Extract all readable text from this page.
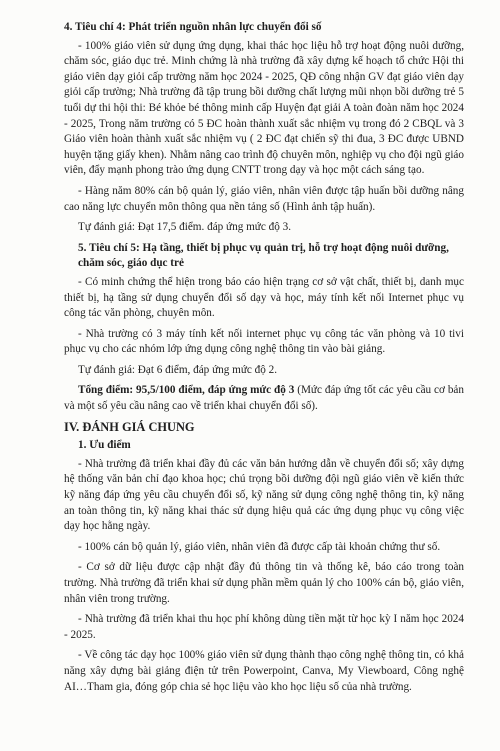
4. Tiêu chí 4: Phát triển nguồn nhân lực chuyển đổi số
- 100% giáo viên sử dụng ứng dụng, khai thác học liệu hỗ trợ hoạt động nuôi dưỡng, chăm sóc, giáo dục trẻ. Minh chứng là nhà trường đã xây dựng kế hoạch tổ chức Hội thi giáo viên dạy giỏi cấp trường năm học 2024 - 2025, QĐ công nhận GV đạt giáo viên dạy giỏi cấp trường; Nhà trường đã tập trung bồi dưỡng chất lượng mũi nhọn bồi dưỡng trẻ 5 tuổi dự thi hội thi: Bé khỏe bé thông minh cấp Huyện đạt giải A toàn đoàn năm học 2024 - 2025, Trong năm trường có 5 ĐC hoàn thành xuất sắc nhiệm vụ trong đó 2 CBQL và 3 Giáo viên hoàn thành xuất sắc nhiệm vụ ( 2 ĐC đạt chiến sỹ thi đua, 3 ĐC được UBND huyện tặng giấy khen). Nhằm nâng cao trình độ chuyên môn, nghiệp vụ cho đội ngũ giáo viên, đẩy mạnh phong trào ứng dụng CNTT trong dạy và học một cách sáng tạo.
- Hàng năm 80% cán bộ quản lý, giáo viên, nhân viên được tập huấn bồi dưỡng nâng cao năng lực chuyển môn thông qua nền tảng số (Hình ảnh tập huấn).
Tự đánh giá: Đạt 17,5 điểm. đáp ứng mức độ 3.
5. Tiêu chí 5: Hạ tầng, thiết bị phục vụ quản trị, hỗ trợ hoạt động nuôi dưỡng, chăm sóc, giáo dục trẻ
- Có minh chứng thể hiện trong báo cáo hiện trạng cơ sở vật chất, thiết bị, danh mục thiết bị, hạ tầng sử dụng chuyển đổi số dạy và học, máy tính kết nối Internet phục vụ công tác văn phòng, chuyên môn.
- Nhà trường có 3 máy tính kết nối internet phục vụ công tác văn phòng và 10 tivi phục vụ cho các nhóm lớp ứng dụng công nghệ thông tin vào bài giảng.
Tự đánh giá: Đạt 6 điểm, đáp ứng mức độ 2.
Tổng điểm: 95,5/100 điểm, đáp ứng mức độ 3 (Mức đáp ứng tốt các yêu cầu cơ bản và một số yêu cầu nâng cao về triển khai chuyển đổi số).
IV. ĐÁNH GIÁ CHUNG
1. Ưu điểm
- Nhà trường đã triển khai đầy đủ các văn bản hướng dẫn về chuyển đổi số; xây dựng hệ thống văn bản chỉ đạo khoa học; chú trọng bồi dưỡng đội ngũ giáo viên về kiến thức kỹ năng đáp ứng yêu cầu chuyển đổi số, kỹ năng sử dụng công nghệ thông tin, kỹ năng an toàn thông tin, kỹ năng khai thác sử dụng hiệu quả các ứng dụng phục vụ công việc dạy học hằng ngày.
- 100% cán bộ quản lý, giáo viên, nhân viên đã được cấp tài khoản chứng thư số.
- Cơ sở dữ liệu được cập nhật đầy đủ thông tin và thống kê, báo cáo trong toàn trường. Nhà trường đã triển khai sử dụng phần mềm quản lý cho 100% cán bộ, giáo viên, nhân viên trong trường.
- Nhà trường đã triển khai thu học phí không dùng tiền mặt từ học kỳ I năm học 2024 - 2025.
- Về công tác dạy học 100% giáo viên sử dụng thành thạo công nghệ thông tin, có khả năng xây dựng bài giảng điện tử trên Powerpoint, Canva, My Viewboard, Công nghệ AI…Tham gia, đóng góp chia sẻ học liệu vào kho học liệu số của nhà trường.
